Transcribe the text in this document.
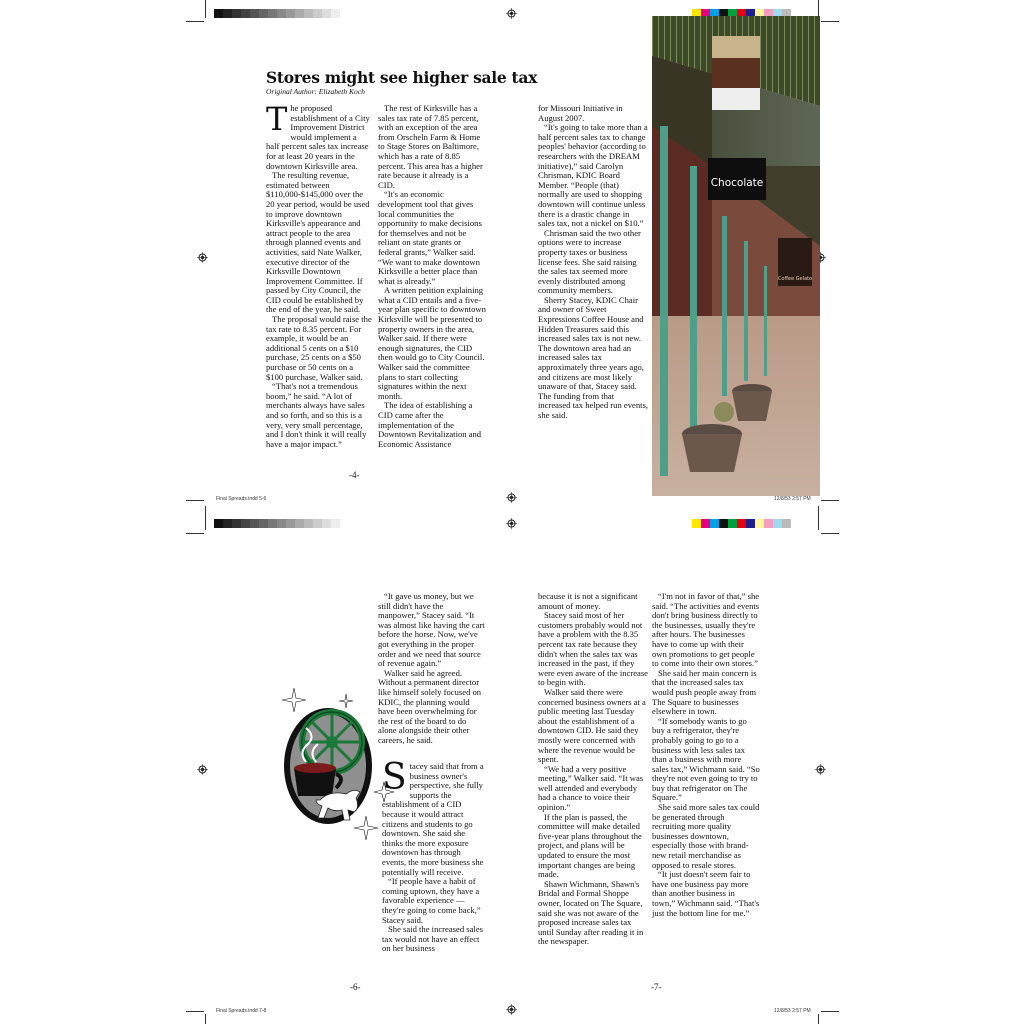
Stores might see higher sale tax
Original Author: Elizabeth Koch
T he proposed establishment of a City Improvement District would implement a half percent sales tax increase for at least 20 years in the downtown Kirksville area.

The resulting revenue, estimated between $110,000-$145,000 over the 20 year period, would be used to improve downtown Kirksville's appearance and attract people to the area through planned events and activities, said Nate Walker, executive director of the Kirksville Downtown Improvement Committee. If passed by City Council, the CID could be established by the end of the year, he said.

The proposal would raise the tax rate to 8.35 percent. For example, it would be an additional 5 cents on a $10 purchase, 25 cents on a $50 purchase or 50 cents on a $100 purchase, Walker said.

“That's not a tremendous boom,” he said. “A lot of merchants always have sales and so forth, and so this is a very, very small percentage, and I don't think it will really have a major impact.”

The rest of Kirksville has a sales tax rate of 7.85 percent, with an exception of the area from Orscheln Farm & Home to Stage Stores on Baltimore, which has a rate of 8.85 percent. This area has a higher rate because it already is a CID.

“It's an economic development tool that gives local communities the opportunity to make decisions for themselves and not be reliant on state grants or federal grants,” Walker said. “We want to make downtown Kirksville a better place than what is already.”

A written petition explaining what a CID entails and a five-year plan specific to downtown Kirksville will be presented to property owners in the area, Walker said. If there were enough signatures, the CID then would go to City Council. Walker said the committee plans to start collecting signatures within the next month.

The idea of establishing a CID came after the implementation of the Downtown Revitalization and Economic Assistance

for Missouri Initiative in August 2007.

“It's going to take more than a half percent sales tax to change peoples' behavior (according to researchers with the DREAM initiative),” said Carolyn Chrisman, KDIC Board Member. “People (that) normally are used to shopping downtown will continue unless there is a drastic change in sales tax, not a nickel on $10.”

Chrisman said the two other options were to increase property taxes or business license fees. She said raising the sales tax seemed more evenly distributed among community members.

Sherry Stacey, KDIC Chair and owner of Sweet Expressions Coffee House and Hidden Treasures said this increased sales tax is not new. The downtown area had an increased sales tax approximately three years ago, and citizens are most likely unaware of that, Stacey said. The funding from that increased tax helped run events, she said.

-4-
Chocolate
Coffee Gelato
Final Spreads.indd 5-6	12/8/53 2:57 PM

“It gave us money, but we still didn't have the manpower,” Stacey said. “It was almost like having the cart before the horse. Now, we've got everything in the proper order and we need that source of revenue again.”

Walker said he agreed. Without a permanent director like himself solely focused on KDIC, the planning would have been overwhelming for the rest of the board to do alone alongside their other careers, he said.

S tacey said that from a business owner's perspective, she fully supports the establishment of a CID because it would attract citizens and students to go downtown. She said she thinks the more exposure downtown has through events, the more business she potentially will receive.

“If people have a habit of coming uptown, they have a favorable experience — they're going to come back,” Stacey said.

She said the increased sales tax would not have an effect on her business

because it is not a significant amount of money.

Stacey said most of her customers probably would not have a problem with the 8.35 percent tax rate because they didn't when the sales tax was increased in the past, if they were even aware of the increase to begin with.

Walker said there were concerned business owners at a public meeting last Tuesday about the establishment of a downtown CID. He said they mostly were concerned with where the revenue would be spent.

“We had a very positive meeting,” Walker said. “It was well attended and everybody had a chance to voice their opinion.”

If the plan is passed, the committee will make detailed five-year plans throughout the project, and plans will be updated to ensure the most important changes are being made.

Shawn Wichmann, Shawn's Bridal and Formal Shoppe owner, located on The Square, said she was not aware of the proposed increase sales tax until Sunday after reading it in the newspaper.

“I'm not in favor of that,” she said. “The activities and events don't bring business directly to the businesses, usually they're after hours. The businesses have to come up with their own promotions to get people to come into their own stores.”

She said her main concern is that the increased sales tax would push people away from The Square to businesses elsewhere in town.

“If somebody wants to go buy a refrigerator, they're probably going to go to a business with less sales tax than a business with more sales tax,” Wichmann said. “So they're not even going to try to buy that refrigerator on The Square.”

She said more sales tax could be generated through recruiting more quality businesses downtown, especially those with brand-new retail merchandise as opposed to resale stores.

“It just doesn't seem fair to have one business pay more than another business in town,” Wichmann said. “That's just the bottom line for me.”

-6-	-7-
Final Spreads.indd 7-8	12/8/53 2:57 PM
